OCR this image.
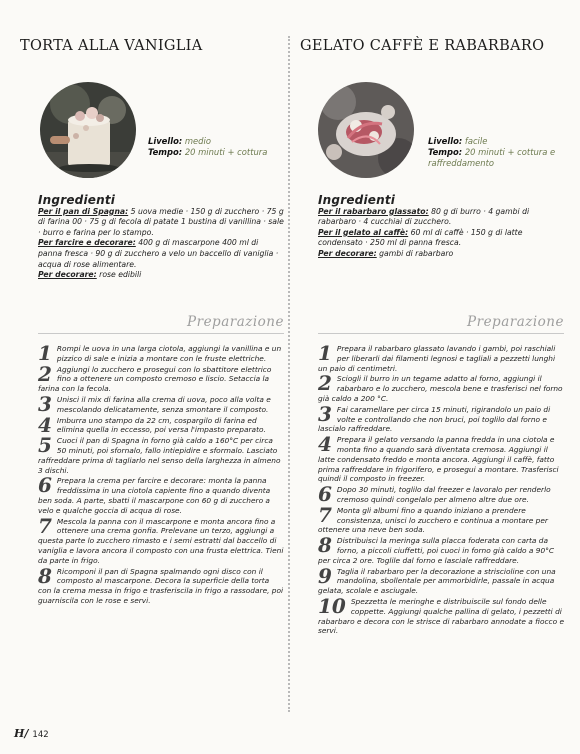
TORTA ALLA VANIGLIA
Livello: medio
Tempo: 20 minuti + cottura
Ingredienti

Per il pan di Spagna: 5 uova medie · 150 g di zucchero · 75 g di farina 00 · 75 g di fecola di patate 1 bustina di vanillina · sale · burro e farina per lo stampo.

Per farcire e decorare: 400 g di mascarpone 400 ml di panna fresca · 90 g di zucchero a velo un baccello di vaniglia · acqua di rose alimentare.

Per decorare: rose edibili

Preparazione
1 Rompi le uova in una larga ciotola, aggiungi la vanillina e un pizzico di sale e inizia a montare con le fruste elettriche.
2 Aggiungi lo zucchero e prosegui con lo sbattitore elettrico fino a ottenere un composto cremoso e liscio. Setaccia la farina con la fecola.
3 Unisci il mix di farina alla crema di uova, poco alla volta e mescolando delicatamente, senza smontare il composto.
4 Imburra uno stampo da 22 cm, cospargilo di farina ed elimina quella in eccesso, poi versa l'impasto preparato.
5 Cuoci il pan di Spagna in forno già caldo a 160°C per circa 50 minuti, poi sfornalo, fallo intiepidire e sformalo. Lasciato raffreddare prima di tagliarlo nel senso della larghezza in almeno 3 dischi.
6 Prepara la crema per farcire e decorare: monta la panna freddissima in una ciotola capiente fino a quando diventa ben soda. A parte, sbatti il mascarpone con 60 g di zucchero a velo e qualche goccia di acqua di rose.
7 Mescola la panna con il mascarpone e monta ancora fino a ottenere una crema gonfia. Prelevane un terzo, aggiungi a questa parte lo zucchero rimasto e i semi estratti dal baccello di vaniglia e lavora ancora il composto con una frusta elettrica. Tieni da parte in frigo.
8 Ricomponi il pan di Spagna spalmando ogni disco con il composto al mascarpone. Decora la superficie della torta con la crema messa in frigo e trasferiscila in frigo a rassodare, poi guarniscila con le rose e servi.
GELATO CAFFÈ E RABARBARO
Livello: facile
Tempo: 20 minuti + cottura e raffreddamento
Ingredienti

Per il rabarbaro glassato: 80 g di burro · 4 gambi di rabarbaro · 4 cucchiai di zucchero.

Per il gelato al caffè: 60 ml di caffè · 150 g di latte condensato · 250 ml di panna fresca.

Per decorare: gambi di rabarbaro

Preparazione
1 Prepara il rabarbaro glassato lavando i gambi, poi raschiali per liberarli dai filamenti legnosi e tagliali a pezzetti lunghi un paio di centimetri.
2 Sciogli il burro in un tegame adatto al forno, aggiungi il rabarbaro e lo zucchero, mescola bene e trasferisci nel forno già caldo a 200 °C.
3 Fai caramellare per circa 15 minuti, rigirandolo un paio di volte e controllando che non bruci, poi toglilo dal forno e lascialo raffreddare.
4 Prepara il gelato versando la panna fredda in una ciotola e monta fino a quando sarà diventata cremosa. Aggiungi il latte condensato freddo e monta ancora. Aggiungi il caffè, fatto prima raffreddare in frigorifero, e prosegui a montare. Trasferisci quindi il composto in freezer.
6 Dopo 30 minuti, toglilo dal freezer e lavoralo per renderlo cremoso quindi congelalo per almeno altre due ore.
7 Monta gli albumi fino a quando iniziano a prendere consistenza, unisci lo zucchero e continua a montare per ottenere una neve ben soda.
8 Distribuisci la meringa sulla placca foderata con carta da forno, a piccoli ciuffetti, poi cuoci in forno già caldo a 90°C per circa 2 ore. Toglile dal forno e lasciale raffreddare.
9 Taglia il rabarbaro per la decorazione a striscioline con una mandolina, sbollentale per ammorbidirle, passale in acqua gelata, scolale e asciugale.
10 Spezzetta le meringhe e distribuiscile sul fondo delle coppette. Aggiungi qualche pallina di gelato, i pezzetti di rabarbaro e decora con le strisce di rabarbaro annodate a fiocco e servi.
H/ 142
